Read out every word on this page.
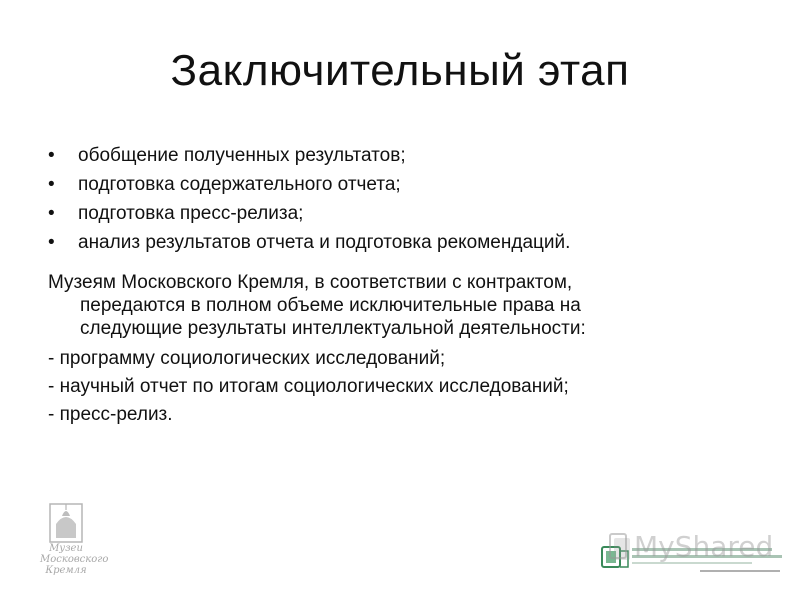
Заключительный этап
• обобщение полученных результатов;
• подготовка содержательного отчета;
• подготовка пресс-релиза;
• анализ результатов отчета и подготовка рекомендаций.

Музеям Московского Кремля, в соответствии с контрактом,
передаются в полном объеме исключительные права на
следующие результаты интеллектуальной деятельности:

- программу социологических исследований;
- научный отчет по итогам социологических исследований;
- пресс-релиз.
Музеи
Московского
Кремля
MyShared
